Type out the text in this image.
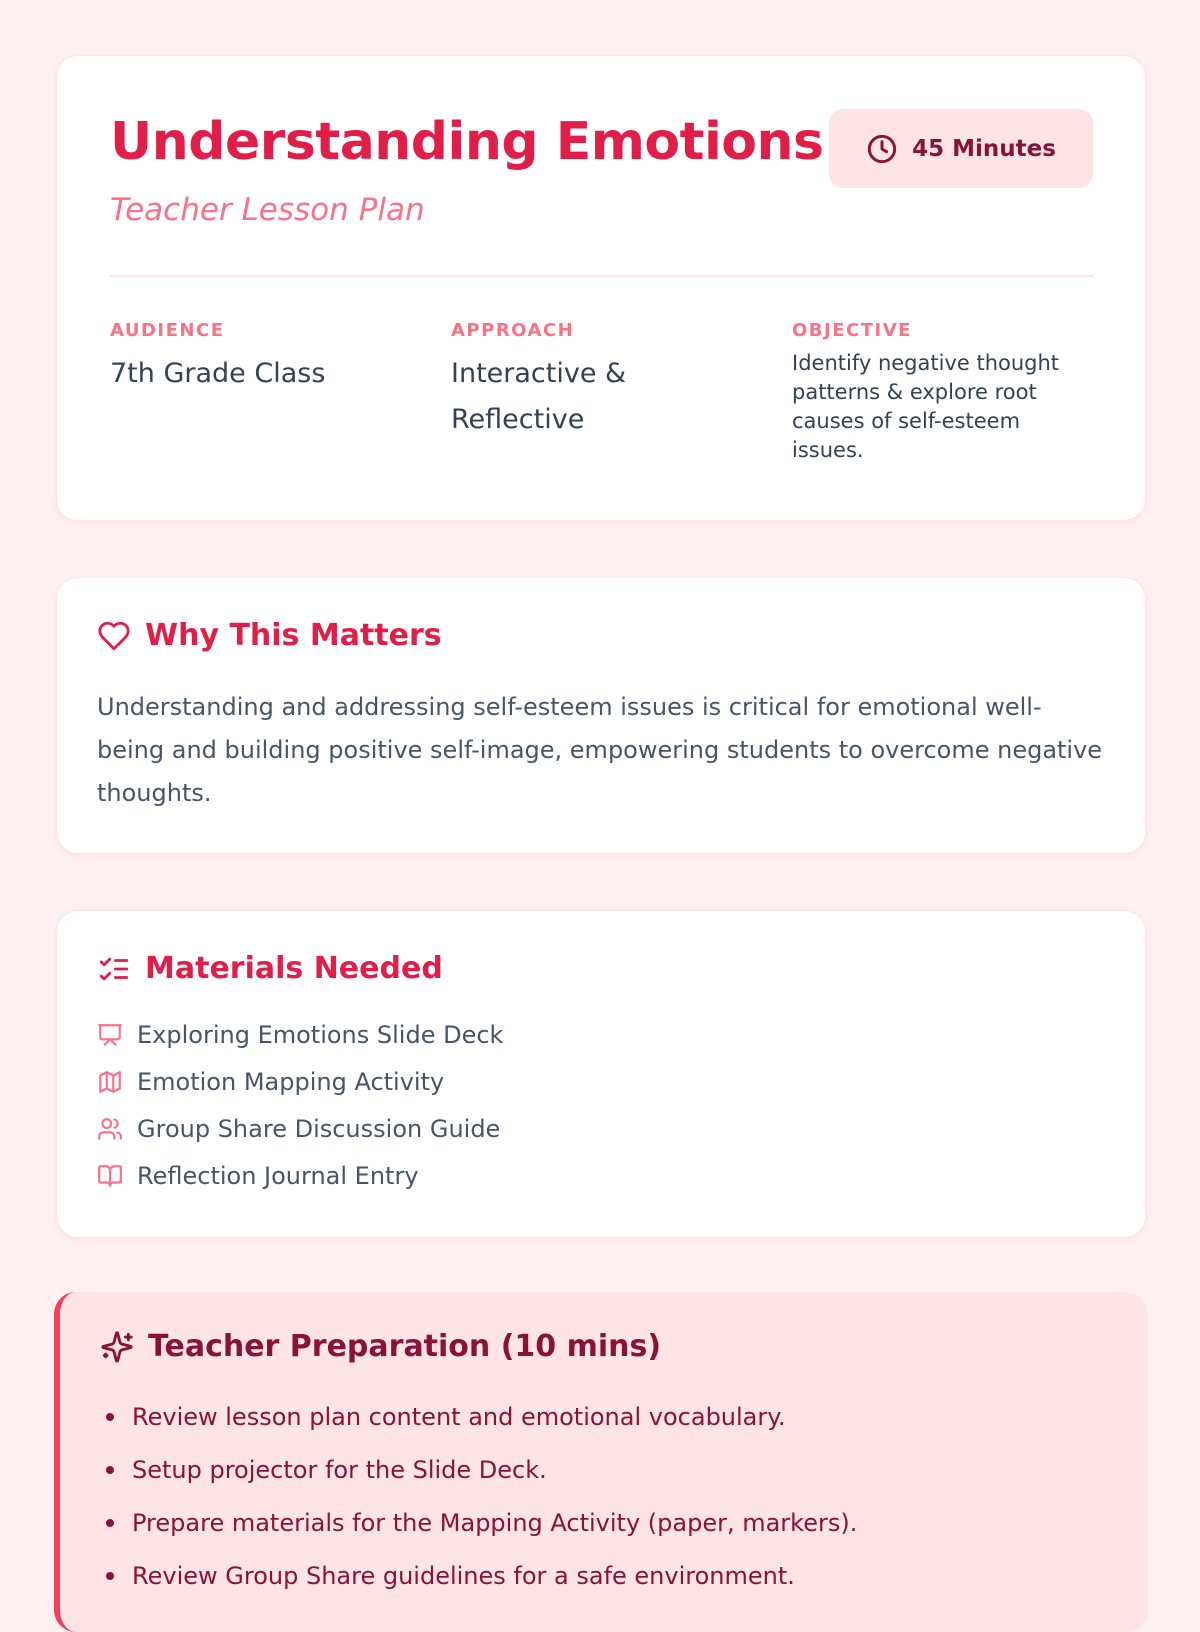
Understanding Emotions
Teacher Lesson Plan
45 Minutes
AUDIENCE
7th Grade Class
APPROACH
Interactive &
Reflective
OBJECTIVE
Identify negative thought patterns & explore root causes of self-esteem issues.
Why This Matters
Understanding and addressing self-esteem issues is critical for emotional well-being and building positive self-image, empowering students to overcome negative thoughts.
Materials Needed
Exploring Emotions Slide Deck
Emotion Mapping Activity
Group Share Discussion Guide
Reflection Journal Entry
Teacher Preparation (10 mins)
Review lesson plan content and emotional vocabulary.
Setup projector for the Slide Deck.
Prepare materials for the Mapping Activity (paper, markers).
Review Group Share guidelines for a safe environment.
